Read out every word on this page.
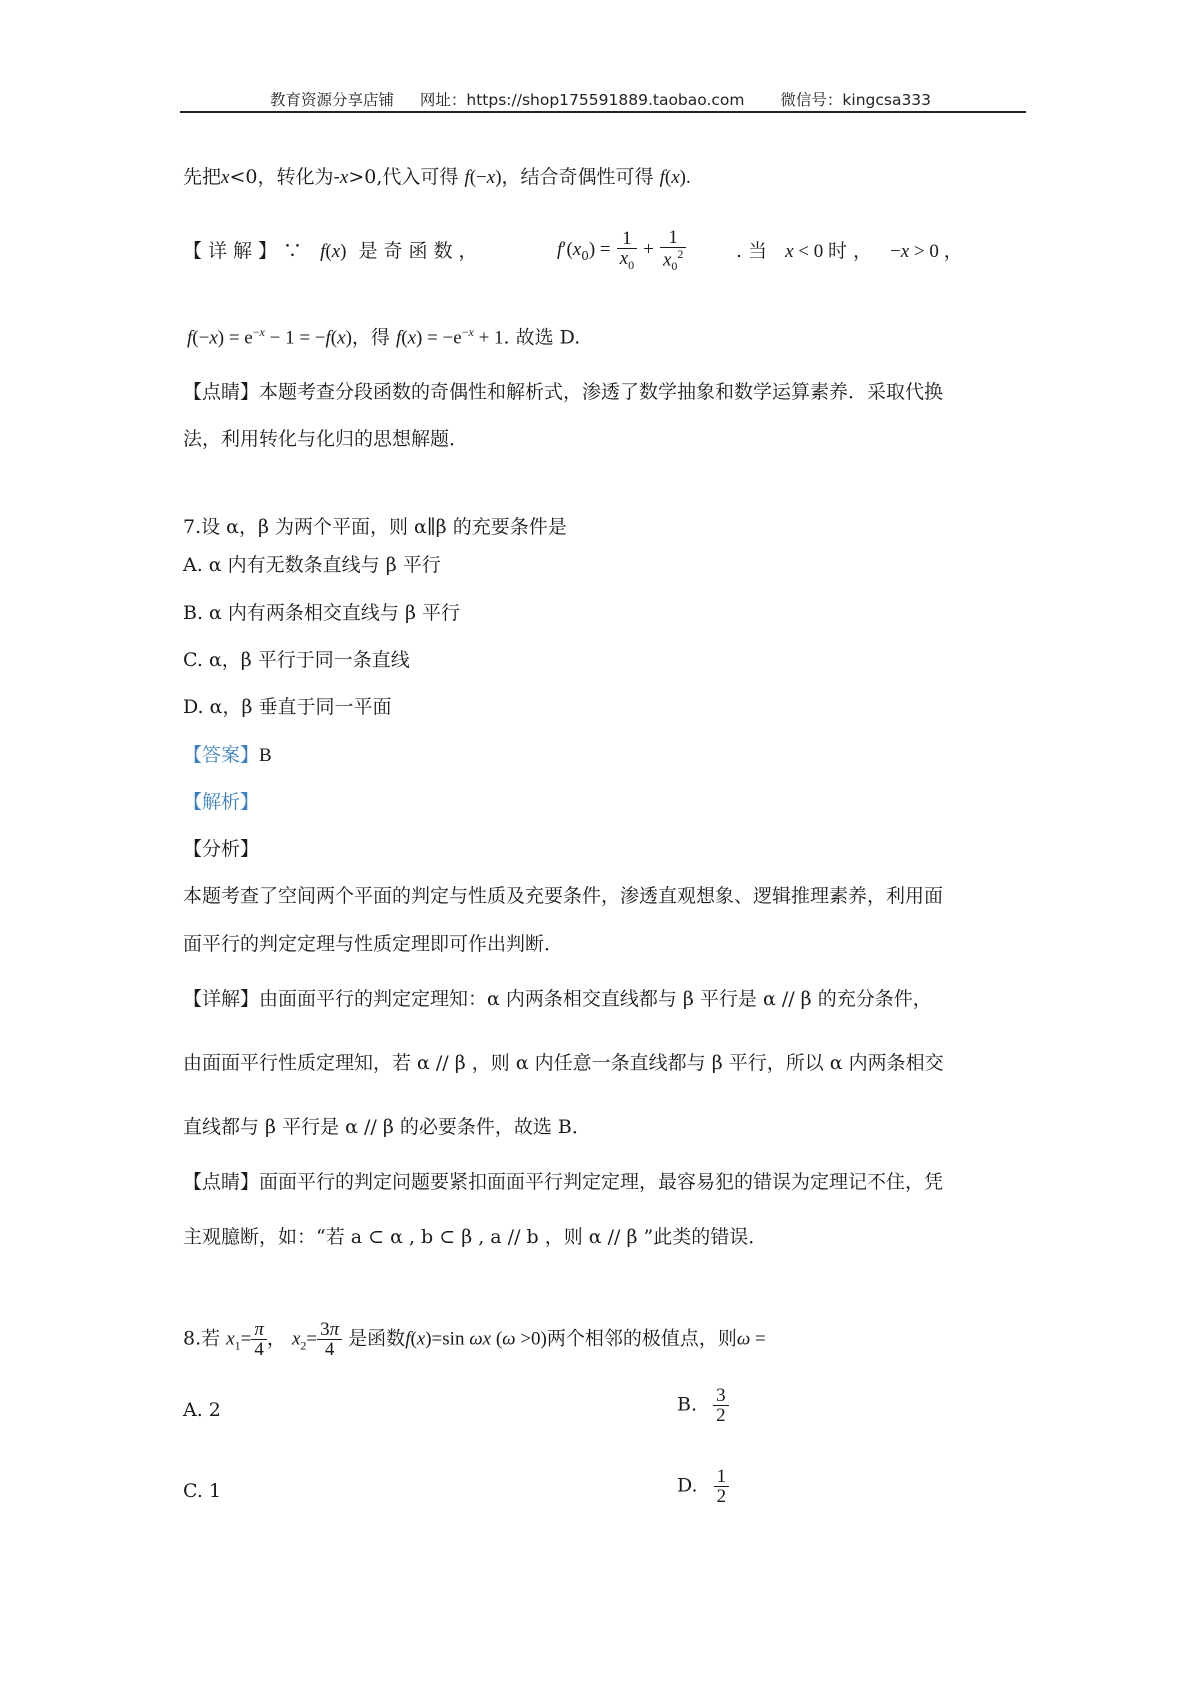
教育资源分享店铺 网址：https://shop175591889.taobao.com 微信号：kingcsa333
先把x<0，转化为-x>0,代入可得 f(−x)，结合奇偶性可得 f(x).
【详解】∵ f(x) 是奇函数，	$f'(x_0) = \frac{1}{x_0} + \frac{1}{x_0^2}$	.当 x < 0 时， −x > 0 ，
$f(-x) = e^{-x} - 1 = -f(x)$，得 $f(x) = -e^{-x} + 1$. 故选 D.
【点睛】本题考查分段函数的奇偶性和解析式，渗透了数学抽象和数学运算素养．采取代换
法，利用转化与化归的思想解题．
7.设 α，β 为两个平面，则 α∥β 的充要条件是
A. α 内有无数条直线与 β 平行
B. α 内有两条相交直线与 β 平行
C. α，β 平行于同一条直线
D. α，β 垂直于同一平面
【答案】B
【解析】
【分析】
本题考查了空间两个平面的判定与性质及充要条件，渗透直观想象、逻辑推理素养，利用面
面平行的判定定理与性质定理即可作出判断．
【详解】由面面平行的判定定理知：α 内两条相交直线都与 β 平行是 α // β 的充分条件，
由面面平行性质定理知，若 α // β ，则 α 内任意一条直线都与 β 平行，所以 α 内两条相交
直线都与 β 平行是 α // β 的必要条件，故选 B．
【点睛】面面平行的判定问题要紧扣面面平行判定定理，最容易犯的错误为定理记不住，凭
主观臆断，如：“若 a ⊂ α , b ⊂ β , a // b ，则 α // β ”此类的错误．
8.若 $x_1= \frac{\pi}{4}$ ， $x_2= \frac{3\pi}{4}$ 是函数f(x)=sin ωx (ω >0)两个相邻的极值点，则ω =
A. 2	B. $\frac{3}{2}$
C. 1	D. $\frac{1}{2}$
